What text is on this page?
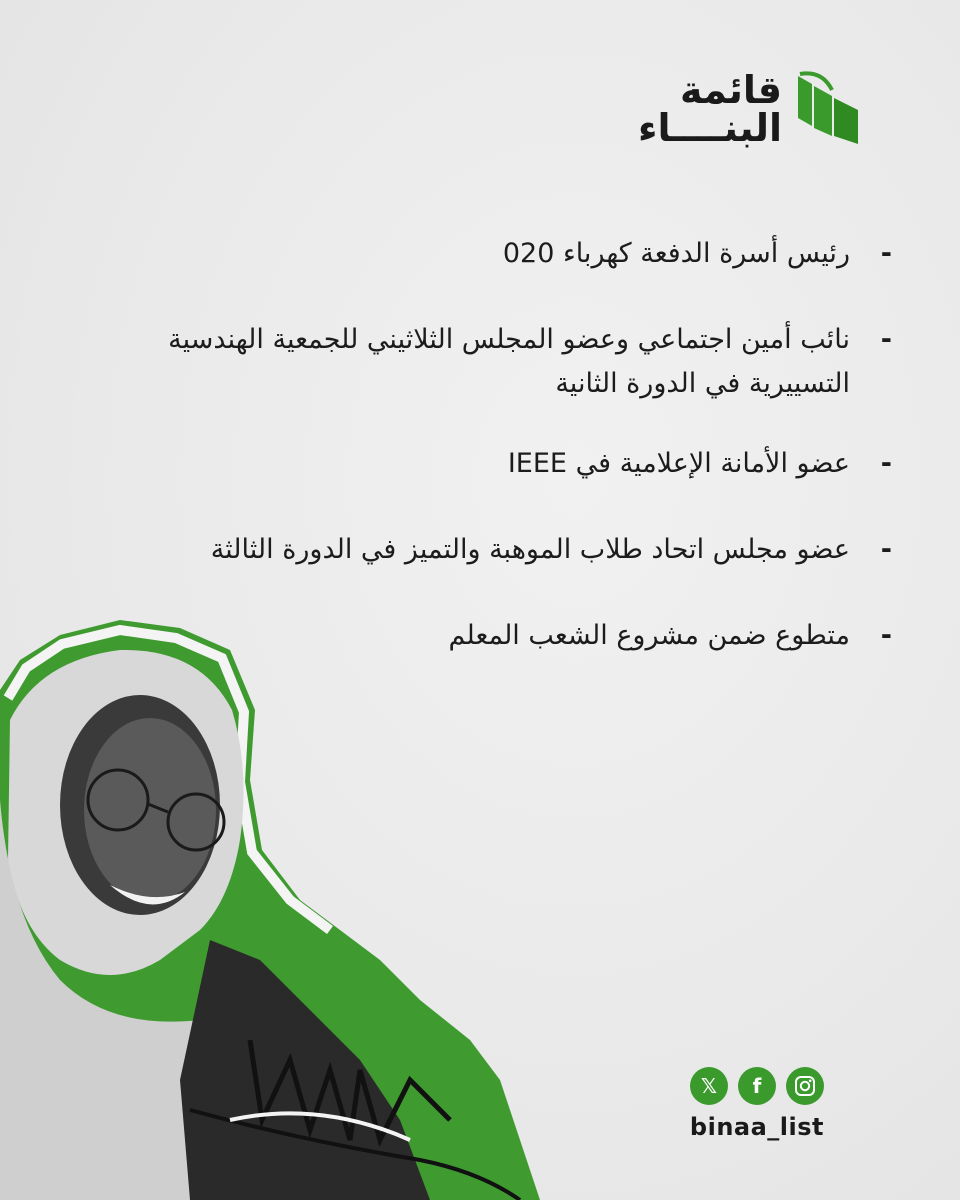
قائمة
البنــــاء
-
رئيس أسرة الدفعة كهرباء 020
-
نائب أمين اجتماعي وعضو المجلس الثلاثيني للجمعية الهندسية التسييرية في الدورة الثانية
-
عضو الأمانة الإعلامية في IEEE
-
عضو مجلس اتحاد طلاب الموهبة والتميز في الدورة الثالثة
-
متطوع ضمن مشروع الشعب المعلم
𝕏 f
binaa_list
